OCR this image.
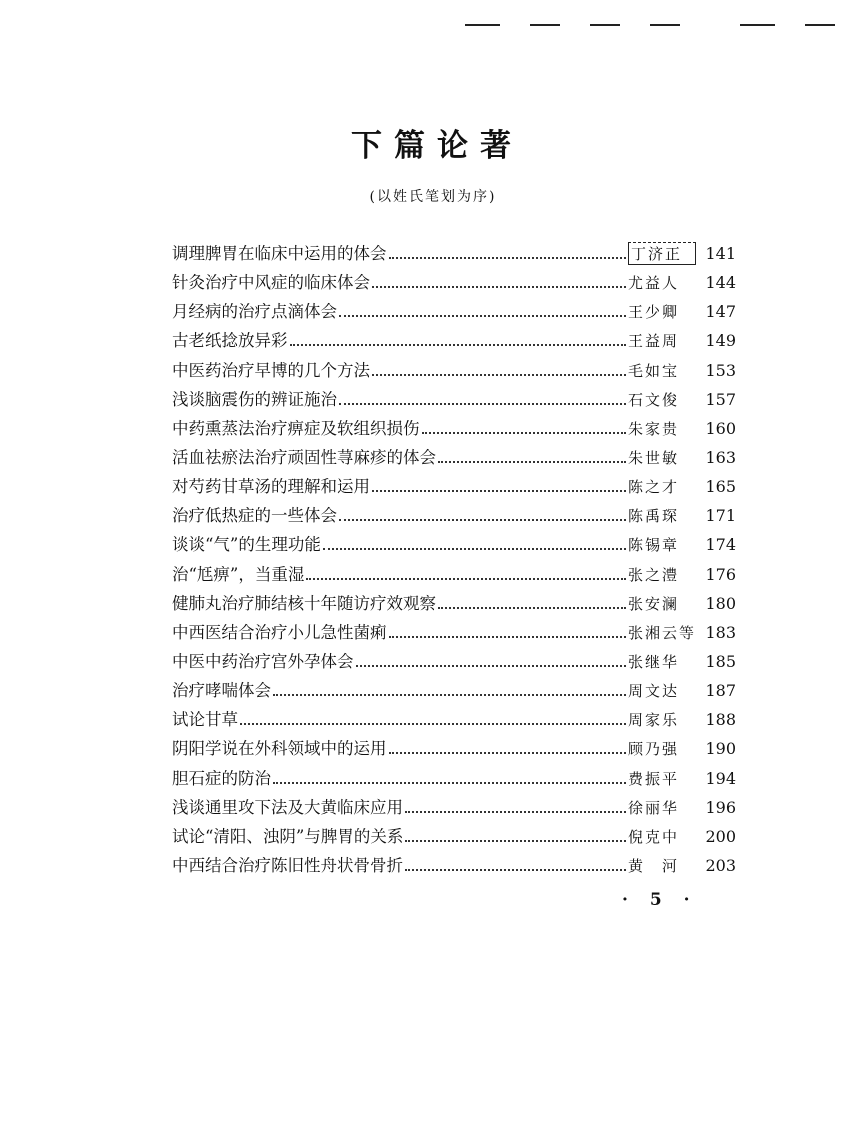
下篇论著
(以姓氏笔划为序)
调理脾胃在临床中运用的体会	丁济正	141
针灸治疗中风症的临床体会	尤益人	144
月经病的治疗点滴体会	王少卿	147
古老纸捻放异彩	王益周	149
中医药治疗早博的几个方法	毛如宝	153
浅谈脑震伤的辨证施治	石文俊	157
中药熏蒸法治疗痹症及软组织损伤	朱家贵	160
活血祛瘀法治疗顽固性荨麻疹的体会	朱世敏	163
对芍药甘草汤的理解和运用	陈之才	165
治疗低热症的一些体会	陈禹琛	171
谈谈“气”的生理功能	陈锡章	174
治“尪痹”，当重湿	张之澧	176
健肺丸治疗肺结核十年随访疗效观察	张安澜	180
中西医结合治疗小儿急性菌痢	张湘云等 183
中医中药治疗宫外孕体会	张继华	185
治疗哮喘体会	周文达	187
试论甘草	周家乐	188
阴阳学说在外科领域中的运用	顾乃强	190
胆石症的防治	费振平	194
浅谈通里攻下法及大黄临床应用	徐丽华	196
试论“清阳、浊阴”与脾胃的关系	倪克中	200
中西结合治疗陈旧性舟状骨骨折	黄　河	203
· 5 ·
